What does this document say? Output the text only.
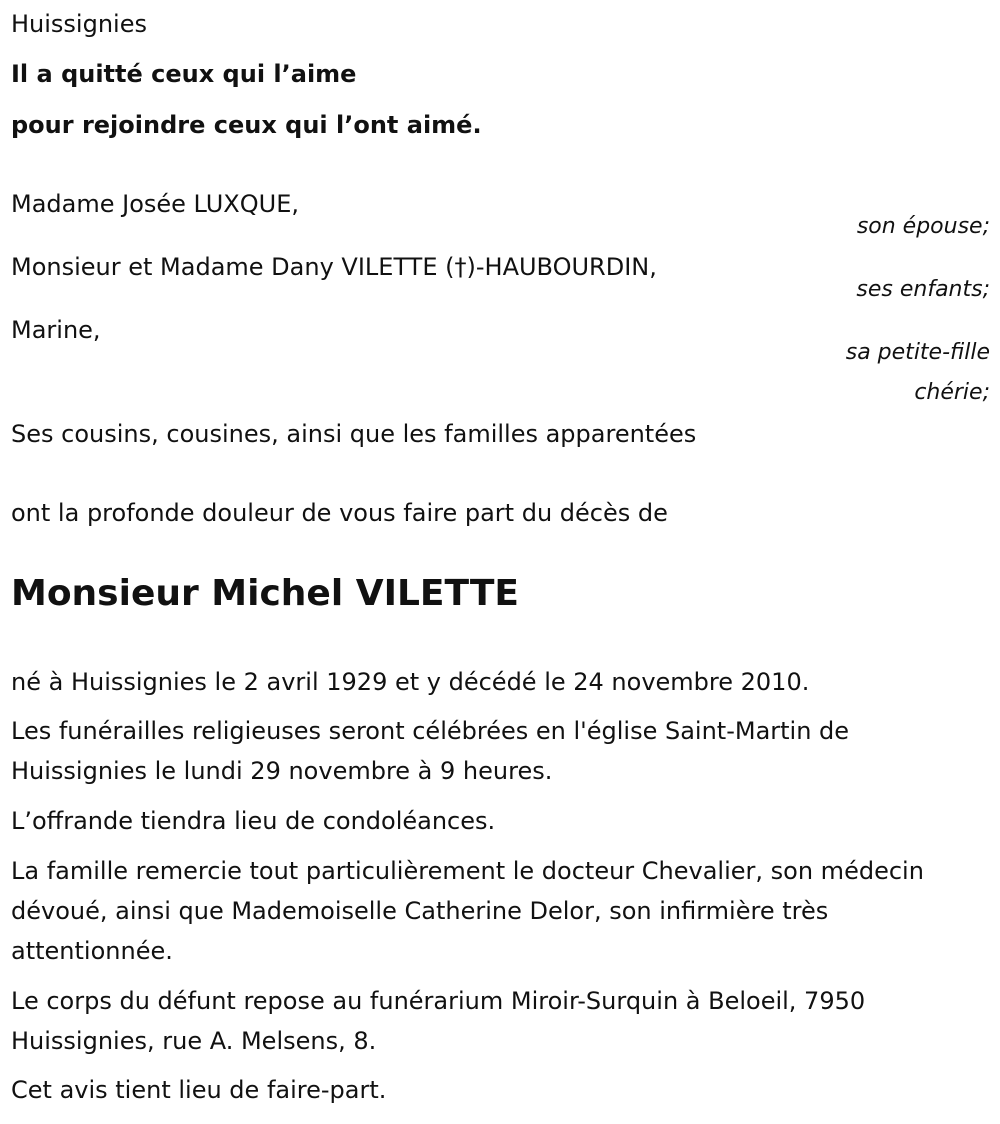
Huissignies
Il a quitté ceux qui l’aime
pour rejoindre ceux qui l’ont aimé.
Madame Josée LUXQUE,
son épouse;
Monsieur et Madame Dany VILETTE (†)-HAUBOURDIN,
ses enfants;
Marine,
sa petite-fille
chérie;
Ses cousins, cousines, ainsi que les familles apparentées
ont la profonde douleur de vous faire part du décès de
Monsieur Michel VILETTE
né à Huissignies le 2 avril 1929 et y décédé le 24 novembre 2010.
Les funérailles religieuses seront célébrées en l'église Saint-Martin de Huissignies le lundi 29 novembre à 9 heures.
L’offrande tiendra lieu de condoléances.
La famille remercie tout particulièrement le docteur Chevalier, son médecin dévoué, ainsi que Mademoiselle Catherine Delor, son infirmière très attentionnée.
Le corps du défunt repose au funérarium Miroir-Surquin à Beloeil, 7950 Huissignies, rue A. Melsens, 8.
Cet avis tient lieu de faire-part.
